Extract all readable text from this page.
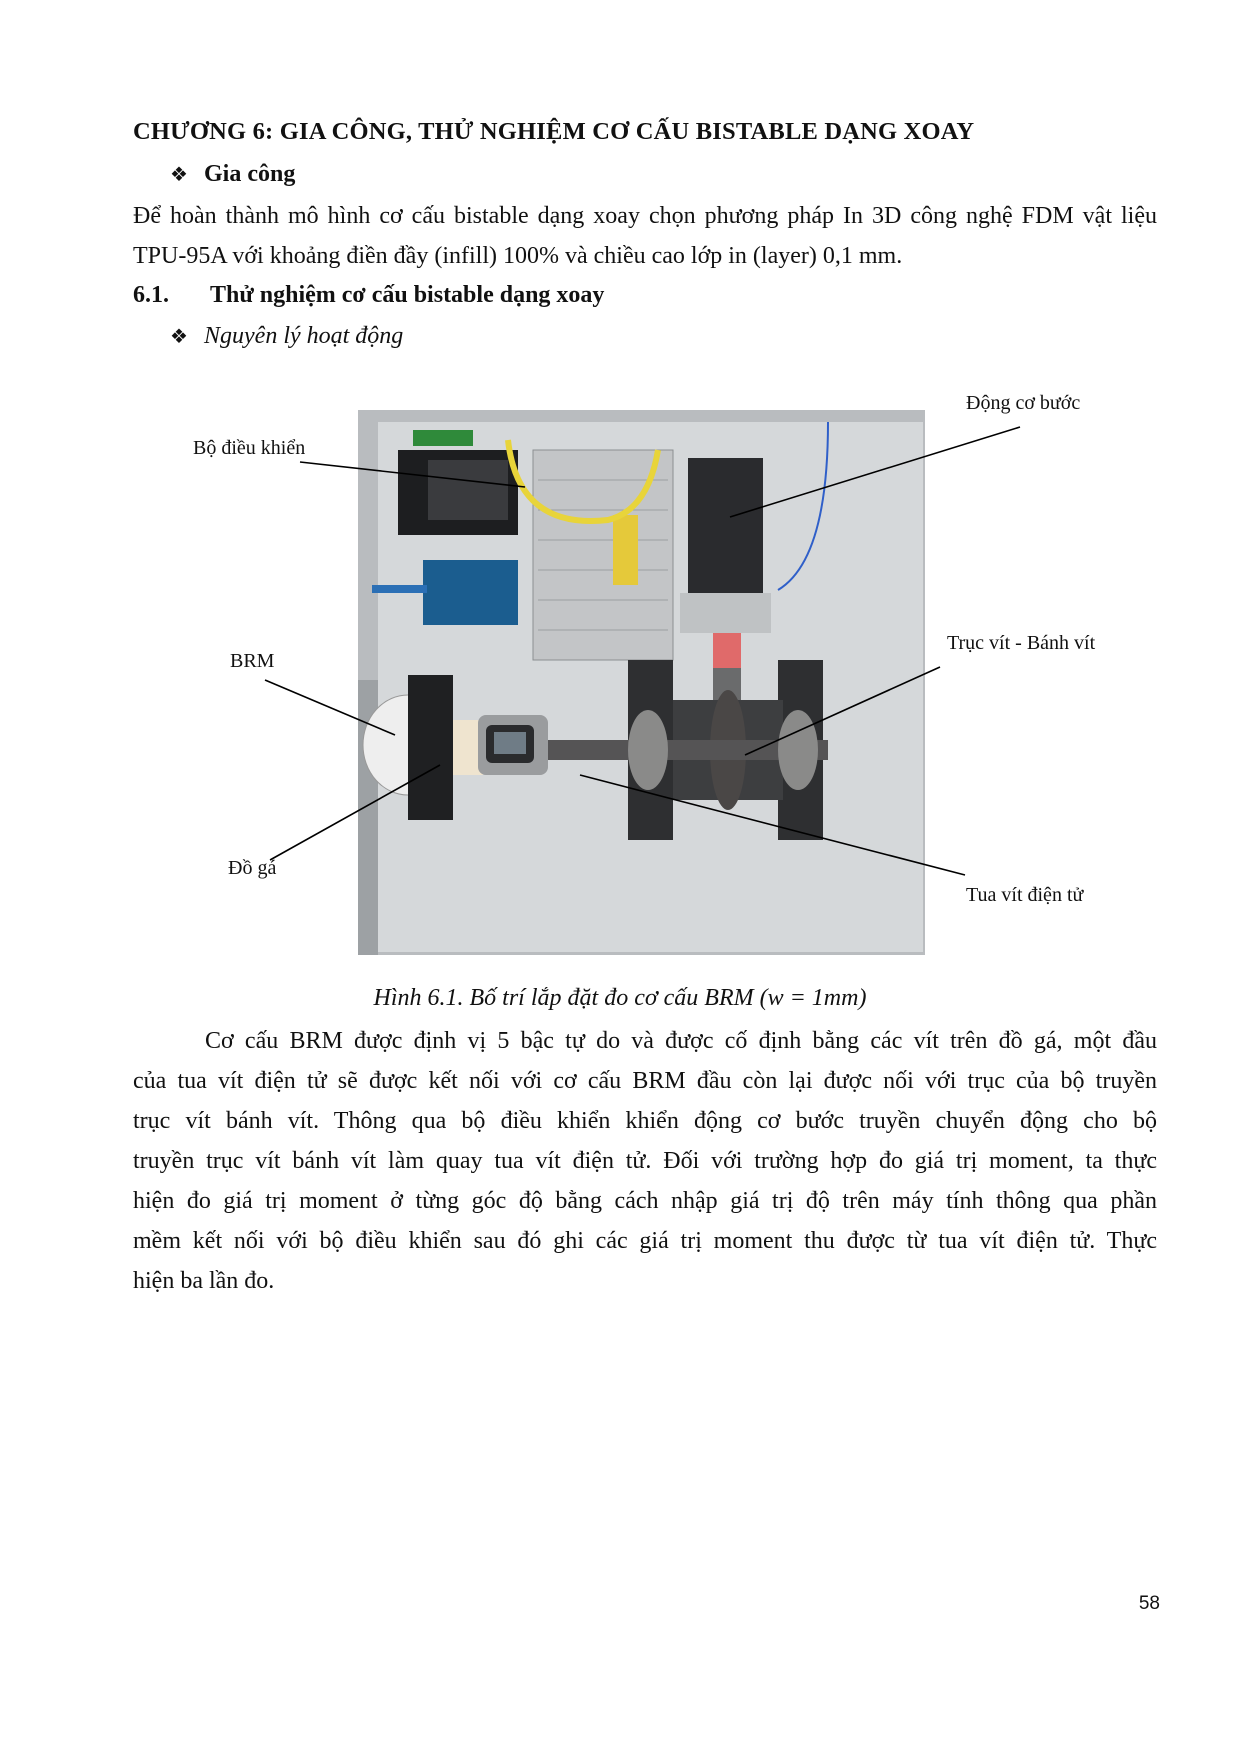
CHƯƠNG 6: GIA CÔNG, THỬ NGHIỆM CƠ CẤU BISTABLE DẠNG XOAY
❖ Gia công
Để hoàn thành mô hình cơ cấu bistable dạng xoay chọn phương pháp In 3D công nghệ FDM vật liệu TPU-95A với khoảng điền đầy (infill) 100% và chiều cao lớp in (layer) 0,1 mm.
6.1. Thử nghiệm cơ cấu bistable dạng xoay
❖ Nguyên lý hoạt động
Bộ điều khiển
Động cơ bước
BRM
Trục vít - Bánh vít
Đồ gá
Tua vít điện tử
Hình 6.1. Bố trí lắp đặt đo cơ cấu BRM (w = 1mm)
Cơ cấu BRM được định vị 5 bậc tự do và được cố định bằng các vít trên đồ gá, một đầu
của tua vít điện tử sẽ được kết nối với cơ cấu BRM đầu còn lại được nối với trục của bộ truyền
trục vít bánh vít. Thông qua bộ điều khiển khiển động cơ bước truyền chuyển động cho bộ
truyền trục vít bánh vít làm quay tua vít điện tử. Đối với trường hợp đo giá trị moment, ta thực
hiện đo giá trị moment ở từng góc độ bằng cách nhập giá trị độ trên máy tính thông qua phần
mềm kết nối với bộ điều khiển sau đó ghi các giá trị moment thu được từ tua vít điện tử. Thực
hiện ba lần đo.
58
